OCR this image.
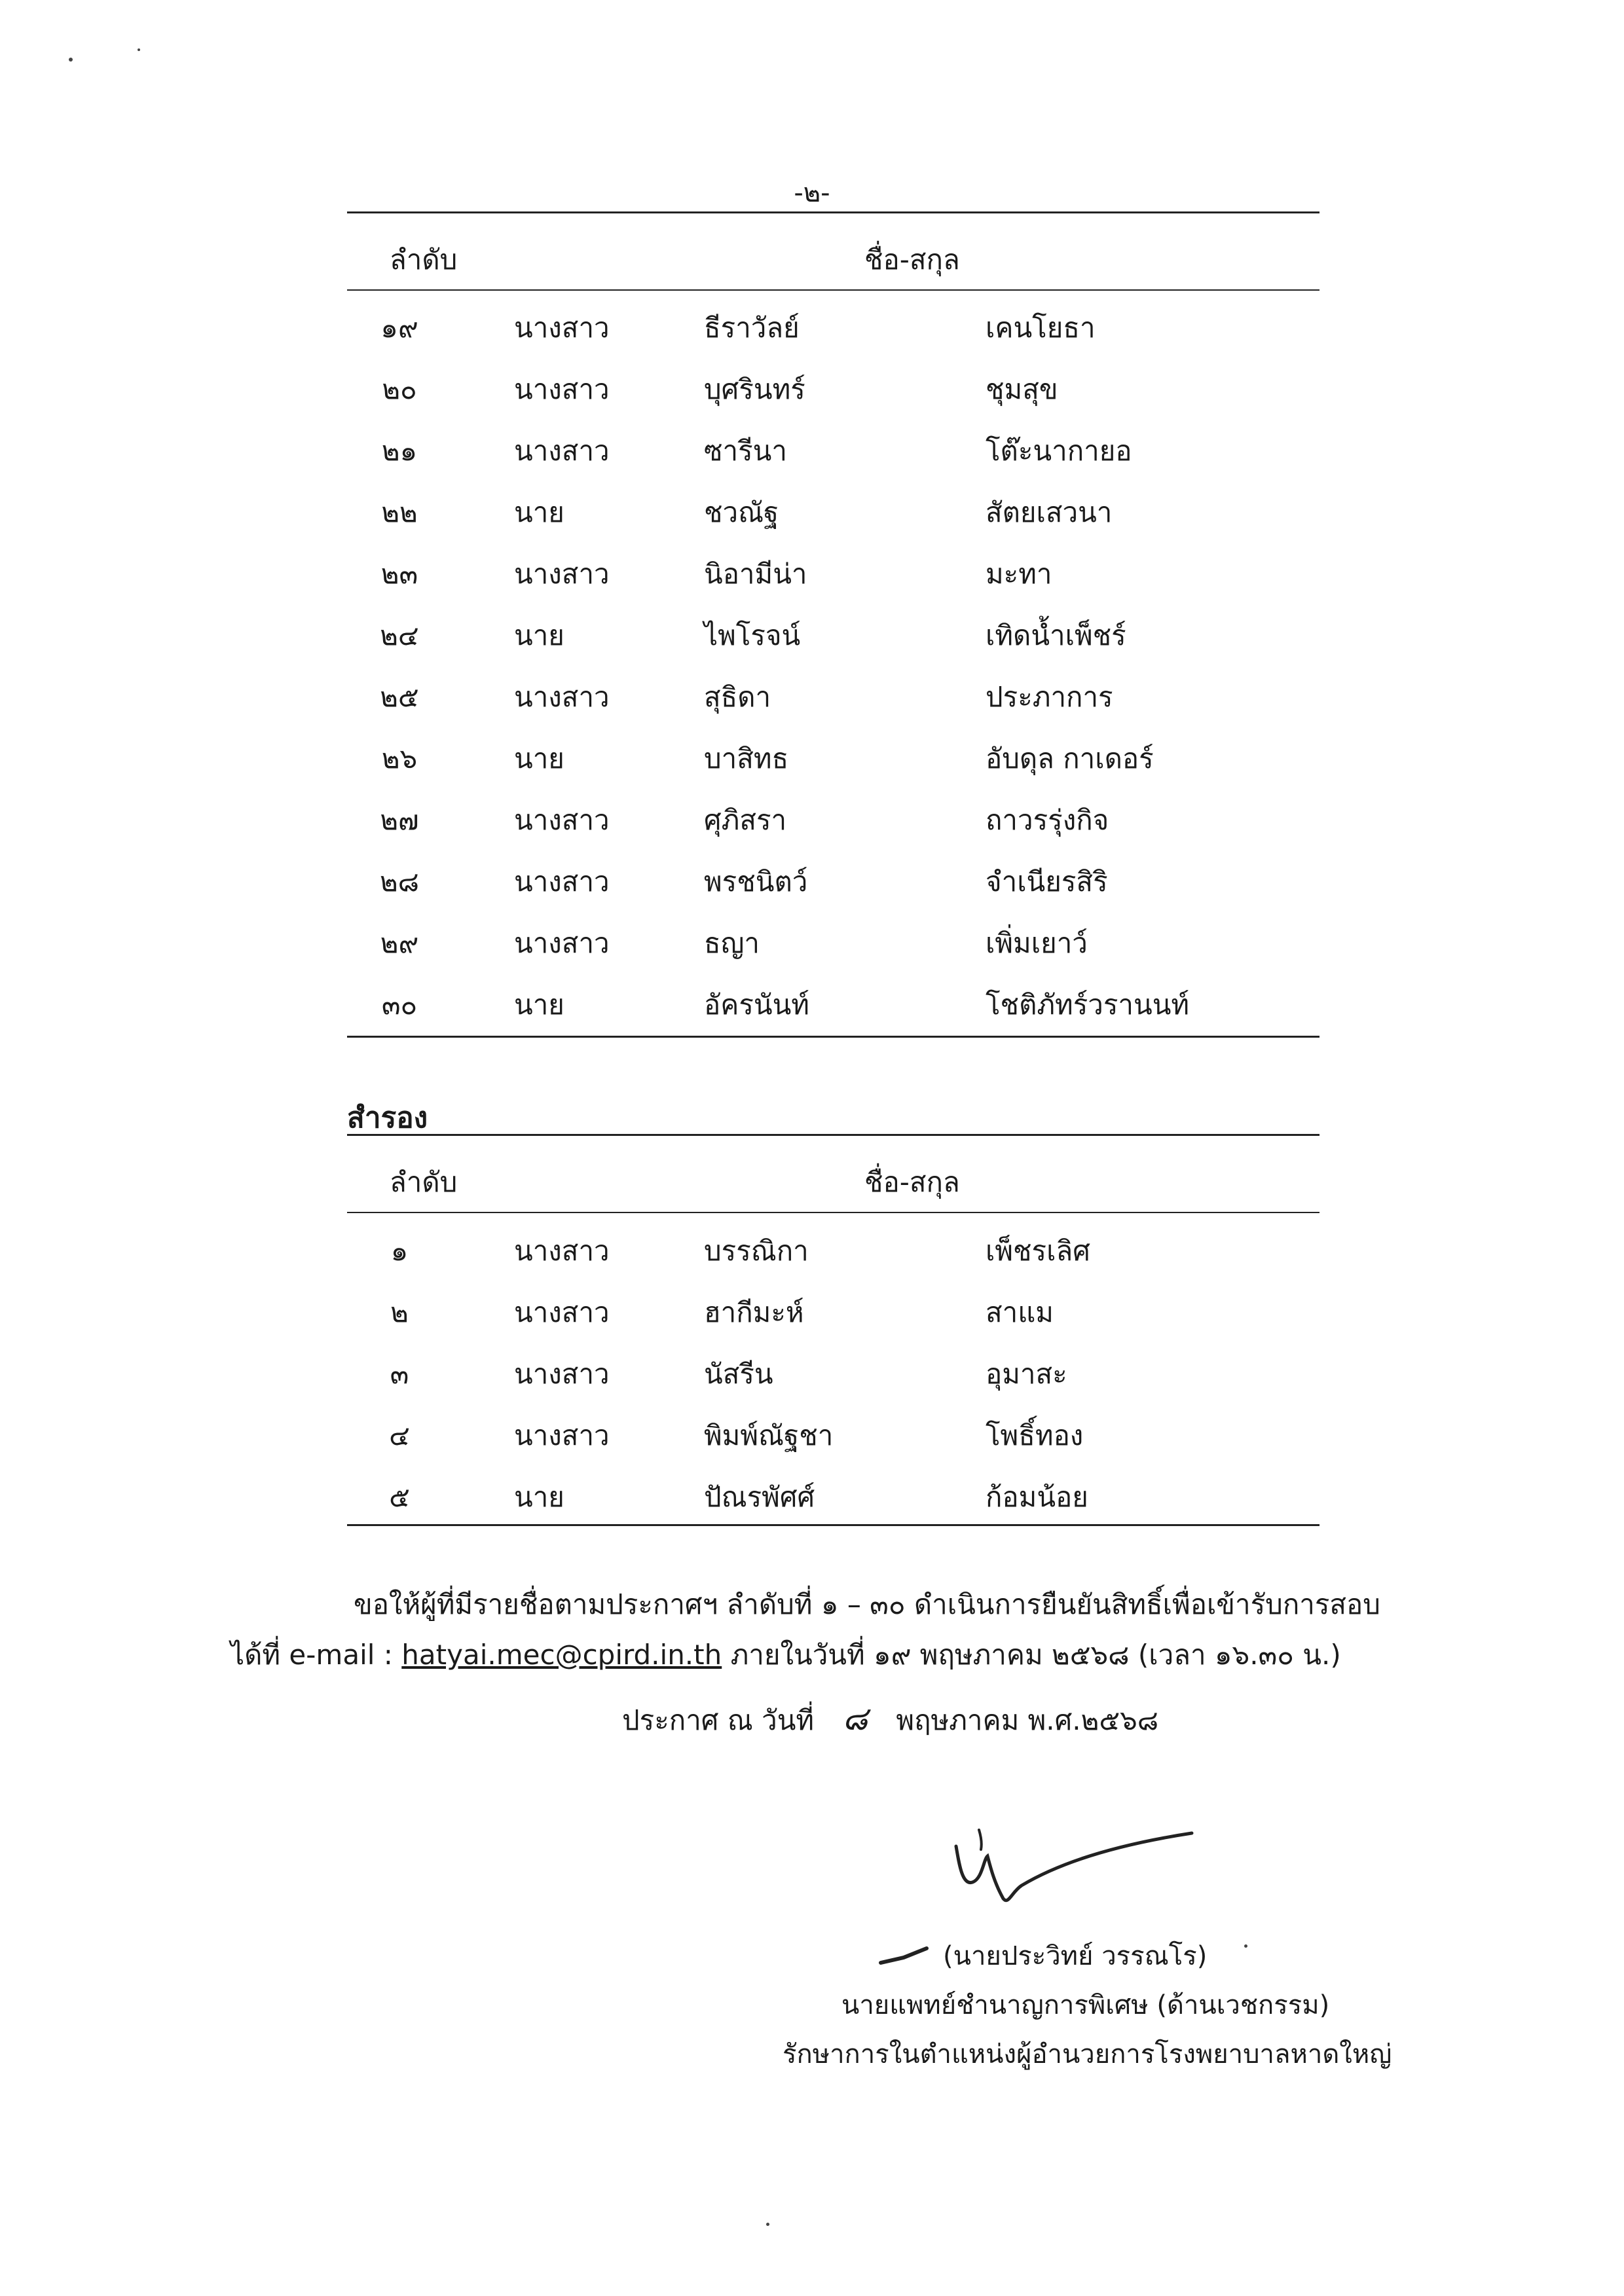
-๒-
ลำดับ	ชื่อ-สกุล
๑๙	นางสาว	ธีราวัลย์	เคนโยธา
๒๐	นางสาว	บุศรินทร์	ชุมสุข
๒๑	นางสาว	ซารีนา	โต๊ะนากายอ
๒๒	นาย	ชวณัฐ	สัตยเสวนา
๒๓	นางสาว	นิอามีน่า	มะทา
๒๔	นาย	ไพโรจน์	เทิดน้ำเพ็ชร์
๒๕	นางสาว	สุธิดา	ประภาการ
๒๖	นาย	บาสิทธ	อับดุล กาเดอร์
๒๗	นางสาว	ศุภิสรา	ถาวรรุ่งกิจ
๒๘	นางสาว	พรชนิตว์	จำเนียรสิริ
๒๙	นางสาว	ธญา	เพิ่มเยาว์
๓๐	นาย	อัครนันท์	โชติภัทร์วรานนท์
สำรอง
ลำดับ	ชื่อ-สกุล
๑	นางสาว	บรรณิกา	เพ็ชรเลิศ
๒	นางสาว	ฮากีมะห์	สาแม
๓	นางสาว	นัสรีน	อุมาสะ
๔	นางสาว	พิมพ์ณัฐชา	โพธิ์ทอง
๕	นาย	ปัณรพัศศ์	ก้อมน้อย
ขอให้ผู้ที่มีรายชื่อตามประกาศฯ ลำดับที่ ๑ – ๓๐ ดำเนินการยืนยันสิทธิ์เพื่อเข้ารับการสอบ
ได้ที่ e-mail : hatyai.mec@cpird.in.th ภายในวันที่ ๑๙ พฤษภาคม ๒๕๖๘ (เวลา ๑๖.๓๐ น.)
ประกาศ ณ วันที่ ๘ พฤษภาคม พ.ศ.๒๕๖๘
(นายประวิทย์ วรรณโร)
นายแพทย์ชำนาญการพิเศษ (ด้านเวชกรรม)
รักษาการในตำแหน่งผู้อำนวยการโรงพยาบาลหาดใหญ่
